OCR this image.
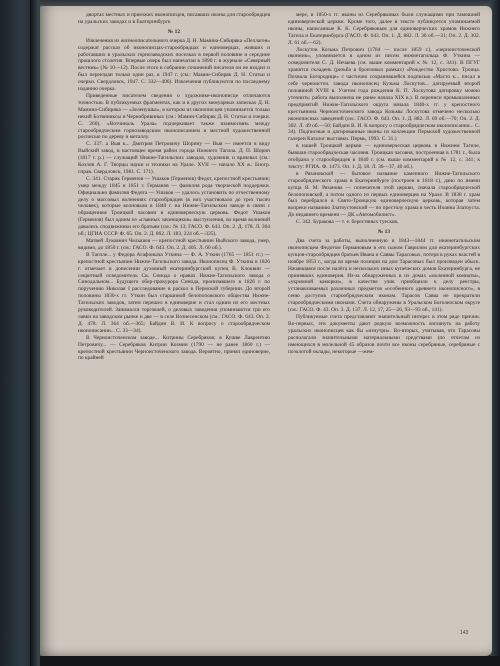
двортах местных и приезжих иконописцев, писавших иконы для старообрядцев на уральских заводах и в Екатеринбурге.

№ 12

Извлечения из жизнеописательного очерка Д. Н. Мамина-Сибиряка «Пеллагея» содержат рассказ об иконописцах-старообрядцах и единоверцах, живших и работавших в уральских горнозаводских поселках в первой половине и середине прошлого столетия. Впервые очерк был напечатан в 1890 г. в журнале «Северный вестник» (№ 10—12). После этого в собрании сочинений писателя он не входил и был переиздан только один раз, в 1947 г. (см.: Мамин-Сибиряк Д. Н. Статьи и очерки. Свердловск, 1947. С. 332—406). Извлечения публикуются по последнему изданию очерка.

Приведенные писателем сведения о художнике-иконописце отличаются точностью. В публикуемых фрагментах, как и в других мемуарных записках Д. Н. Мамина-Сибиряка — «Зеленушка», в котором из иконописцев упоминается только некий Ботвиниксы и Чернобривиных (см.: Мамин-Сибиряк Д. Н. Статьи и очерки. С. 260), «Вотчиналь Урала» подчеркивает также взаимосвязь между старообрядческим горнозаводским иконописанием и местной художественной росписью по дереву и металлу.

С. 337. а Выя к... Дмитрия Петровичу Шорину — Выя — имеется в виду Выйский завод, в настоящее время район города Нижнего Тагила. Д. П. Шорин (1817 г. р.) — служащий Нижне-Тагильских заводов, художник и врачевал (см.: Козлов А. Г. Творцы науки и техники на Урале. XVII — начало XX в.: Биогр. справ. Свердловск, 1981. С. 171).

С. 341. Старик Герменов — Ушаков (Герменов) Федот, крепостной крестьянин; умер между 1845 и 1851 г. Германов — фамилия рода творческой поддержки. Официально фамилия Федота — Ушаков — удалось установить по отчественному делу о массовых волнениях старообрядцев (в них участвовало до трех тысяч человек), которые волновали в 1840 г. на Нижне-Тагильском заводе в связи с обращением Троицкой часовни в единоверческую церковь. Федот Ушаков (Герменов) был одним из «главных зачинщиков» выступления, во время волнений давались сподвижники его братьям (см.: № 13; ГАСО. Ф. 643. Оп. 2. Д. 178. Л. 364 об.; ЦГИА СССР. Ф. 65. Оп. 2. Д. 862. Л. 183, 224 об.—325).

Матвей Лукоянич Челышев — крепостной крестьянин Выйского завода, умер, видимо, до 1850 г. (см.: ГАСО. Ф. 643. Оп. 2. Д. 405. Л. 60 об.).

В Тагиле... у Федора Агафоныча Уткина — Ф. А. Уткин (1765 — 1851 гг.) — крепостной крестьянин Нижне-Тагильского завода. Иконописец Ф. Уткина в 1826 г. отмечает в донесении духовный екатеринбургский купец В. Клоквин — секретный осведомитель Св. Синода о нравах Нижне-Тагильского завода о Синодальном... Будущего обер-прокурора Синода, пронизавшего в 1826 г. по поручению Николая I расследование в раскол в Пермской губернии. До второй половины 1830-х гг. Уткин был старшиной белопоповского общества Нижне-Тагильских заводов, затем перешел в единоверие и стал одним из его местных руководителей. Занимался торговлей, о деловых заведения упоминаются три его лавки на заводском рынке и две — в селе Вознесенском (см.: ГАСО. Ф. 643. Оп. 2. Д. 478. Л. 364 об.—365; Байдин В. И. К вопросу о старообрядческом иконописании... С. 33—34).

В Черноисточенском заводе... Китрины Серебряков; в Кушве Лаврентию Петровичу... — Серебряков Китрин Козмин (1790 — не ранее 1860 г.) — крепостной крестьянин Черноисточенского завода. Вероятно, принял единоверие, по крайней

мере, в 1850-х гг. иконы из Серебряковых были служащими при тамошней единоверческой церкви. Кроме того, далее в тексте публикуется упоминаемой иконы, написанные К. К. Серебряковым для единоверческих храмов Нижнего Тагила и Екатеринбурга (ГАСО. Ф. 643. Оп. 1. Д. 882. Л. 30 об.—31; Оп. 2. Д. 302. Л. 61 об.—62).

Лоскутов Козьма Петрович (1784 — после 1859 г.), «черноисточенской иконник», упоминается в одном из писем нижнетагильца Ф. Уткина — осведомителя С. Д. Нечаева (см. выше комментарий к № 12, с. 341). В ПГУГ хранятся складень (резьба в бронзовых рамках) «Рождество Христово. Троица. Похвала Богородице» с частично сохранившейся подписью «Масто к... писал в себе черноисточ. завода иконописец Кузьма Лоскутов... датируемый второй половиной XVIII в. Учетом года рождения К. П. Лоскутова датировку можно уточнить: работа выполнена не ранее начала XIX в.). В переписи промышленных предприятий Нижне-Тагильского округа начала 1840-х гг. у крепостного крестьянина Черноисточенского завода Козьмы Лоскутова отмечено несколько иконописных заведений (см.: ГАСО. Ф. 643. Оп. 1. Д. 882. Л. 69 об.—70; Оп. 2. Д. 302. Л. 49 об.—50; Байдин В. И. К вопросу о старообрядческом иконописании... С. 34). Подписные и датированные иконы из коллекции Пермской художественной галереи Каталог выставки. Пермь, 1993. С. 31.)

в нашей Троицкой церкви — единоверческая церковь в Нижнем Тагиле, бывшая старообрядческая часовня. Троицкая часовня, построенная в 1781 г., была отобрана у старообрядцев в 1840 г. (см. выше комментарий к № 12, с. 341; к тексту: РГИА. Ф. 1473. Оп. 1. Д. 18. Л. 36—37, 40 об.).

в Рязановской — бытовое название каменного Нижне-Тагильского старообрядческого храма в Екатеринбурге (построен в 1818 г.), дано по имени купца Я. М. Рязанова — попечителя этой церкви, сначала старообрядческой белопоповской, а потом одного из первых единоверцев на Урале. В 1838 г. храм был перебрался в Свято-Троицкую единоверческую церковь, которая затем вопреки названию Златоустовский — по престолу храма в честь Иоанна Златоуста. До недавнего времени — ДК «Автомобилист».

С. 342. Буракова — т. е. берестяных туесков.

№ 13

Два счета за работы, выполненную в 1843—1844 гг. нижнетагильским иконописцем Федотом Германовым и его сыном Гаврилом для екатеринбургских купцов-старообрядцев братьев Ивана и Саввы Тарасовых, потеря в руках властей в ноябре 1853 г., когда во время полиции на дом Тарасовых был произведен обыск. Начавшаяся после налёта и нескольких иных купеческих домов Екатеринбурга, не принявших единоверия. Из-за обнаруженных в их домах «моленной комнаты», «укромной каморки», в качестве улик приобщили к делу реестры, устанавливаемых различных предметов «особенного древнего иконописного», в сеню доступов старообрядческим иконам. Тарасов Савва не прекратили старообрядческими иконами. Счета обнаружены в Уральском Боголепском округе (см.: ГАСО. Ф. 43. Оп. 3. Д. 137. Л. 12, 17, 25—26, 93—93 об., 141).

Публикуемые счета представляют значительный интерес в этом ряде причин. Во-первых, эти документы дают редкую возможность взглянуть на работу уральских иконописцев как бы «изнутри». Во-вторых, учитывая, что Тарасовы располагали значительными материальными средствами (по отчетам из имеющихся в молельной 45 образов почти все иконы серебряные, серебряные с позолотой оклады, некоторые —жем-

143
